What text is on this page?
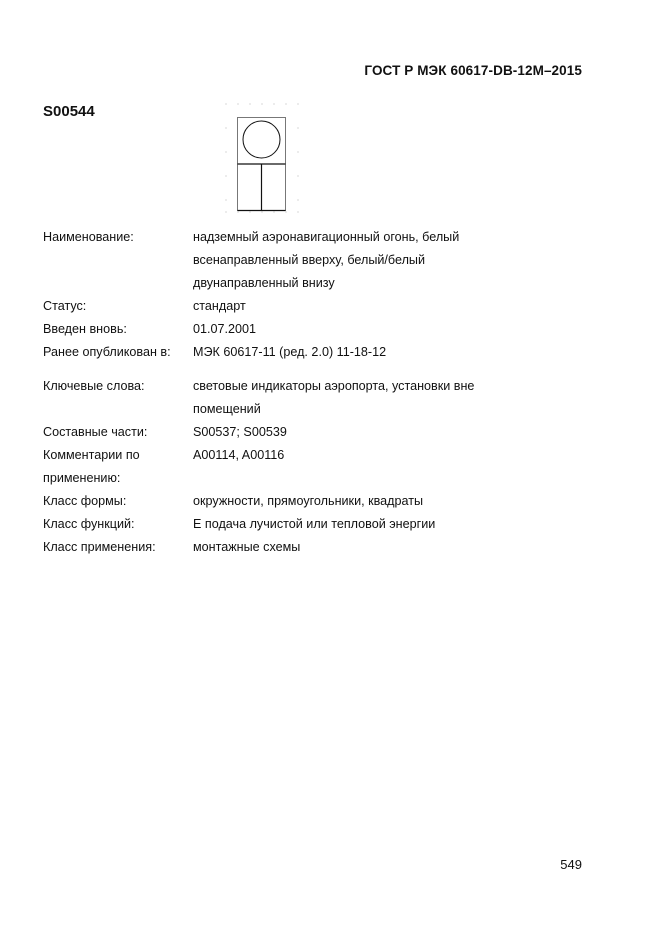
ГОСТ Р МЭК 60617-DB-12M–2015
S00544
Наименование:	надземный аэронавигационный огонь, белый всенаправленный вверху, белый/белый двунаправленный внизу
Статус:	стандарт
Введен вновь:	01.07.2001
Ранее опубликован в:	МЭК 60617-11 (ред. 2.0) 11-18-12
Ключевые слова:	световые индикаторы аэропорта, установки вне помещений
Составные части:	S00537; S00539
Комментарии по применению:
A00114, A00116
Класс формы:	окружности, прямоугольники, квадраты
Класс функций:	E подача лучистой или тепловой энергии
Класс применения:	монтажные схемы
549
